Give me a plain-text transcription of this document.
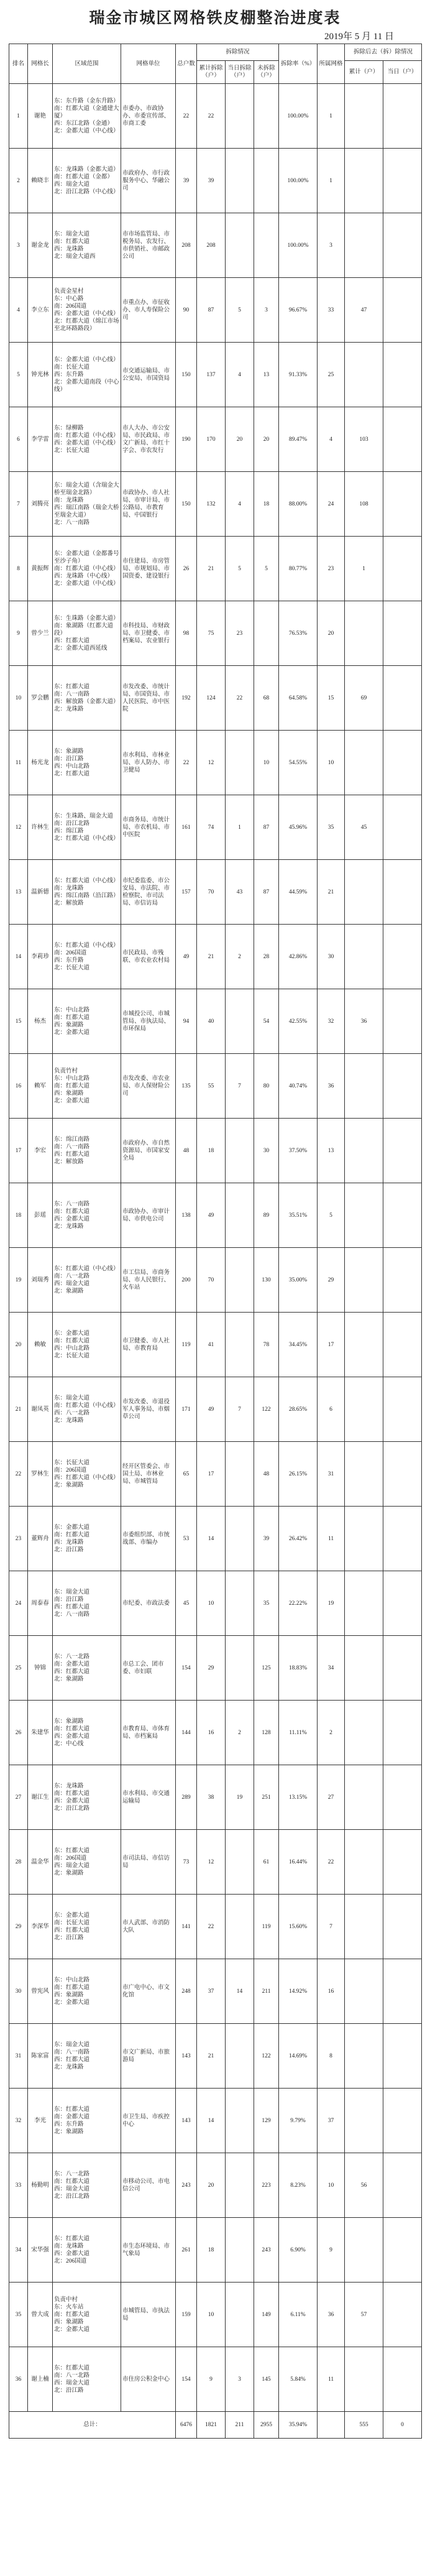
瑞金市城区网格铁皮棚整治进度表
2019年 5 月 11 日
排名	网格长	区域范围	网格单位	总户数	拆除情况			拆除率（%）	所属网格	拆除后去（拆）除情况	
					累计拆除（户）	当日拆除（户）	未拆除（户）			累计（户）	当日（户）
1	谢艳	东：东升路（金东升路）
南：红都大道（金通建大厦）
西：东江北路（金通）
北：金都大道（中心线）	市委办、市政协办、市委宣传部、市商工委	22	22			100.00%	1		
2	赖晓丰	东：龙珠路（金都大道）
南：红都大道（金都）
西：瑞金大道
北：沿江北路（中心线）	市政府办、市行政服务中心、华融公司	39	39			100.00%	1		
3	谢金龙	东：瑞金大道
南：红都大道
西：龙珠路
北：瑞金大道西	市市场监管局、市税务局、农发行、市供销社、市邮政公司	208	208			100.00%	3		
4	李立东	负责金星村
东：中心路
南：206国道
西：金都大道（中心线）
北：红都大道（绵江市场至北环路路段）	市重点办、市征收办、市人寿保险公司	90	87	5	3	96.67%	33	47	
5	钟光林	东：金都大道（中心线）
南：长征大道
西：东升路
北：金都大道南段（中心线）	市交通运输局、市公安局、市国资局	150	137	4	13	91.33%	25		
6	李学雷	东：绿柳路
南：红都大道（中心线）
西：金都大道（中心线）
北：长征大道	市人大办、市公安局、市民政局、市文广新局、市红十字会、市农发行	190	170	20	20	89.47%	4	103	
7	刘腾亮	东：瑞金大道（含瑞金大桥至瑞金北路）
南：龙珠路
西：瑞江南路（瑞金大桥至瑞金大道）
北：八一南路	市政协办、市人社局、市审计局、市公路局、市教育局、中国银行	150	132	4	18	88.00%	24	108	
8	黄振辉	东：金都大道（金都番号至沙子角）
南：红都大道（中心线）
西：龙珠路（中心线）
北：金都大道（中心线）	市住建局、市房管局、市规划局、市国资委、建设银行	26	21	5	5	80.77%	23	1	
9	曾少兰	东：生珠路（金都大道）
南：象湖路（红都大道段）
西：红都大道
北：金都大道西延线	市科技局、市财政局、市卫健委、市档案局、农业银行	98	75	23		76.53%	20		
10	罗会鹏	东：红都大道
南：八一南路
西：解放路（金都大道）
北：龙珠路	市发改委、市统计局、市国资局、市人民医院、市中医院	192	124	22	68	64.58%	15	69	
11	杨光龙	东：象湖路
南：沿江路
西：中山北路
北：红都大道	市水利局、市林业局、市人防办、市卫健局	22	12		10	54.55%	10		
12	许林生	东：生珠路、瑞金大道
南：沿江北路
西：绵江路
北：红都大道（中心线）	市商务局、市统计局、市农机局、市中医院	161	74	1	87	45.96%	35	45	
13	温新德	东：红都大道（中心线）
南：龙珠路
西：绵江南路（沿江路）
北：解放路	市纪委监委、市公安局、市法院、市检察院、市司法局、市信访局	157	70	43	87	44.59%	21		
14	李莉珍	东：红都大道（中心线）
南：206国道
西：东升路
北：长征大道	市民政局、市残联、市农业农村局	49	21	2	28	42.86%	30		
15	杨杰	东：中山北路
南：红都大道
西：象湖路
北：金都大道	市城投公司、市城管局、市执法局、市环保局	94	40		54	42.55%	32	36	
16	赖军	负责竹村
东：中山北路
南：红都大道
西：象湖路
北：金都大道	市发改委、市农业局、市人保财险公司	135	55	7	80	40.74%	36		
17	李宏	东：绵江南路
南：八一南路
西：红都大道
北：解放路	市政府办、市自然资源局、市国家安全局	48	18		30	37.50%	13		
18	彭瑶	东：八一南路
南：红都大道
西：金都大道
北：龙珠路	市政协办、市审计局、市供电公司	138	49		89	35.51%	5		
19	刘瑞秀	东：红都大道（中心线）
南：八一北路
西：瑞金大道
北：象湖路	市工信局、市商务局、市人民银行、火车站	200	70		130	35.00%	29		
20	赖敏	东：金都大道
南：红都大道
西：中山北路
北：长征大道	市卫健委、市人社局、市教育局	119	41		78	34.45%	17		
21	谢凤英	东：瑞金大道
南：红都大道（中心线）
西：八一北路
北：龙珠路	市发改委、市退役军人事务局、市烟草公司	171	49	7	122	28.65%	6		
22	罗林生	东：长征大道
南：206国道
西：红都大道（中心线）
北：象湖路	经开区管委会、市国土局、市林业局、市城管局	65	17		48	26.15%	31		
23	董辉舟	东：金都大道
南：红都大道
西：龙珠路
北：沿江路	市委组织部、市统战部、市编办	53	14		39	26.42%	11		
24	周泰春	东：瑞金大道
南：沿江路
西：红都大道
北：八一南路	市纪委、市政法委	45	10		35	22.22%	19		
25	钟锦	东：八一北路
南：金都大道
西：红都大道
北：象湖路	市总工会、团市委、市妇联	154	29		125	18.83%	34		
26	朱建华	东：象湖路
南：红都大道
西：金都大道
北：中心线	市教育局、市体育局、市档案局	144	16	2	128	11.11%	2		
27	谢江生	东：龙珠路
南：红都大道
西：金都大道
北：沿江北路	市水利局、市交通运输局	289	38	19	251	13.15%	27		
28	温金华	东：红都大道
南：206国道
西：瑞金大道
北：象湖路	市司法局、市信访局	73	12		61	16.44%	22		
29	李深华	东：金都大道
南：长征大道
西：红都大道
北：沿江路	市人武部、市消防大队	141	22		119	15.60%	7		
30	曾宪风	东：中山北路
南：红都大道
西：象湖路
北：金都大道	市广电中心、市文化馆	248	37	14	211	14.92%	16		
31	陈家富	东：瑞金大道
南：八一南路
西：红都大道
北：龙珠路	市文广新局、市旅游局	143	21		122	14.69%	8		
32	李光	东：红都大道
南：金都大道
西：东升路
北：象湖路	市卫生局、市疾控中心	143	14		129	9.79%	37		
33	杨勤明	东：八一北路
南：红都大道
西：瑞金大道
北：沿江北路	市移动公司、市电信公司	243	20		223	8.23%	10	56	
34	宋华强	东：红都大道
南：龙珠路
西：金都大道
北：206国道	市生态环境局、市气象局	261	18		243	6.90%	9		
35	曾大成	负责中村
东：火车站
南：红都大道
西：象湖路
北：金都大道	市城管局、市执法局	159	10		149	6.11%	36	57	
36	谢上楠	东：红都大道
南：八一北路
西：瑞金大道
北：沿江路	市住房公积金中心	154	9	3	145	5.84%	11		
总计：				6476	1821	211	2955	35.94%		555	0
